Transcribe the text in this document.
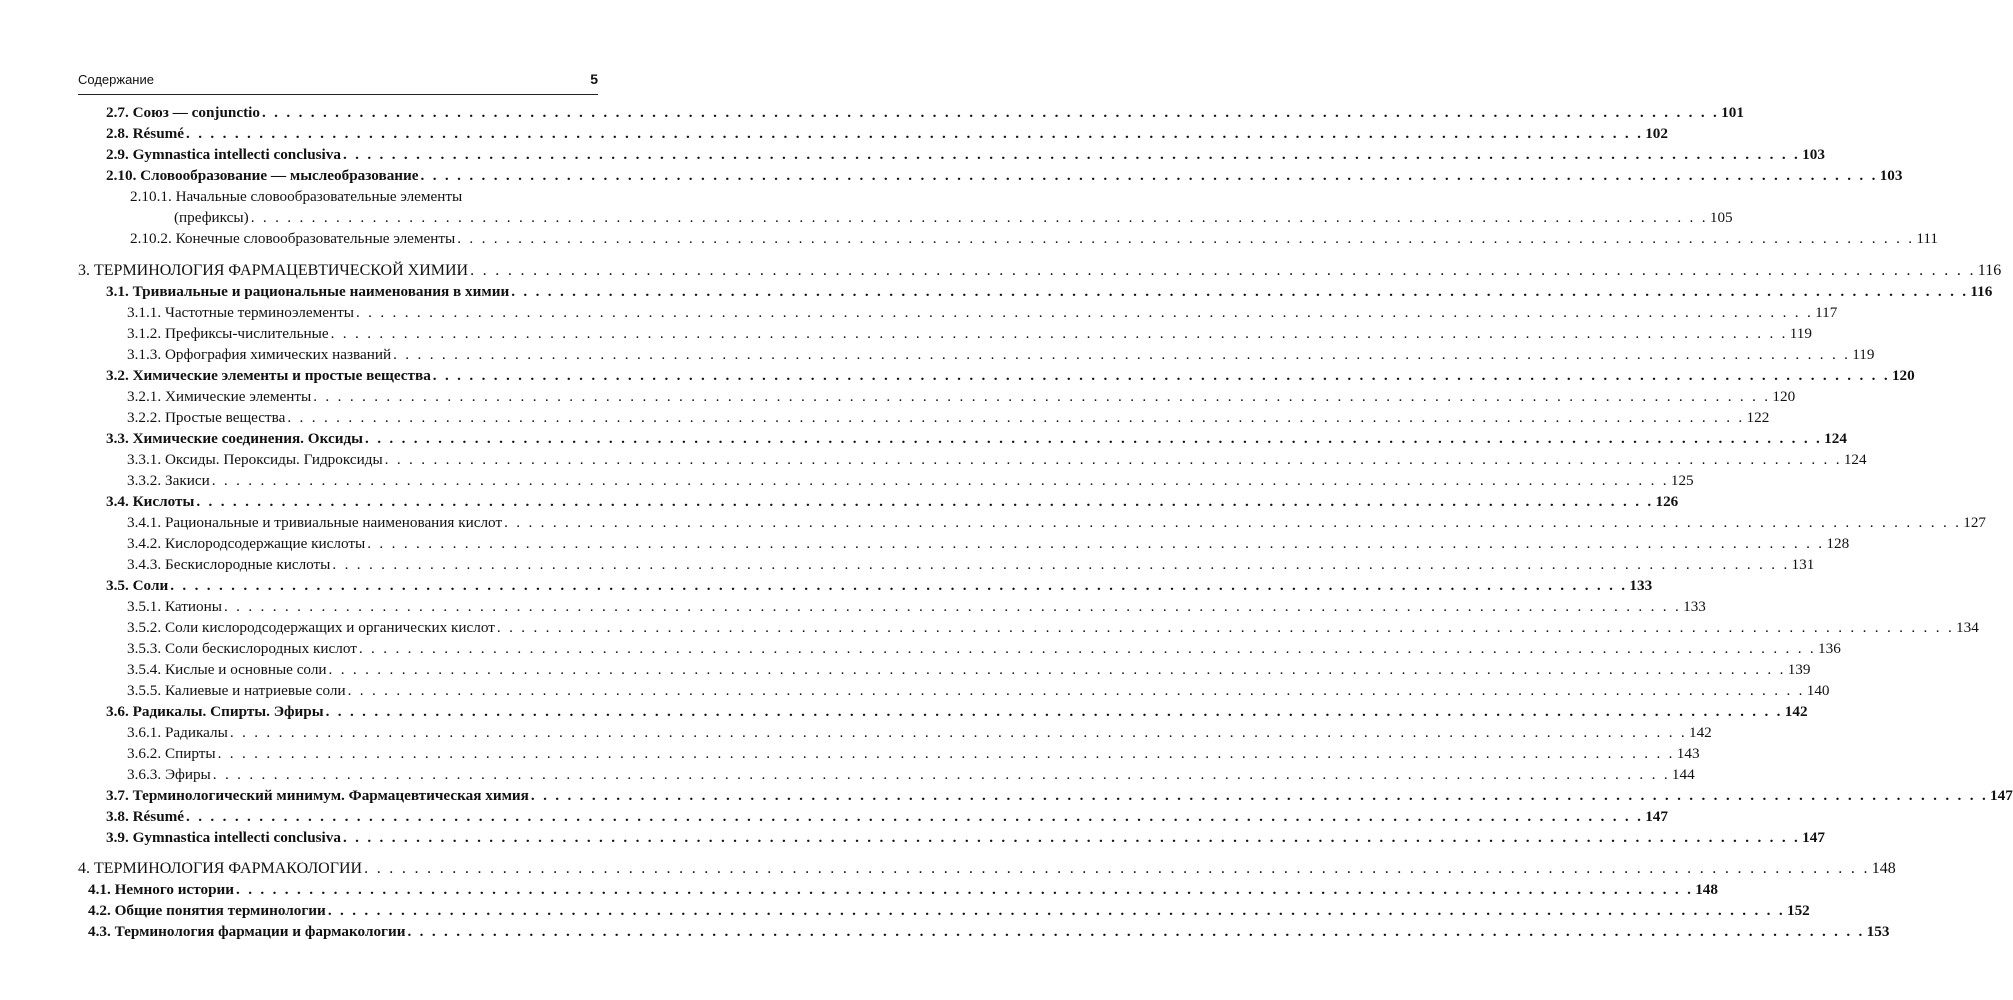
Содержание	5
2.7. Союз — conjunctio . . . . . . . . . . . . . . . . . . . . . . . . . . . . . . . . . . . . . . . . . . . . . . . . . . . . . . . . . . . . . . . . . . . . . . . . . . . . . . . . . . . . . . . . . . . . . . . . . . . . . . . . . . . . . . . . . . . . . . . . 101
2.8. Résumé . . . . . . . . . . . . . . . . . . . . . . . . . . . . . . . . . . . . . . . . . . . . . . . . . . . . . . . . . . . . . . . . . . . . . . . . . . . . . . . . . . . . . . . . . . . . . . . . . . . . . . . . . . . . . . . . . . . . . . . . 102
2.9. Gymnastica intellecti conclusiva . . . . . . . . . . . . . . . . . . . . . . . . . . . . . . . . . . . . . . . . . . . . . . . . . . . . . . . . . . . . . . . . . . . . . . . . . . . . . . . . . . . . . . . . . . . . . . . . . . . . . . . . . . . . . . . . . . . . . . . . 103
2.10. Словообразование — мыслеобразование . . . . . . . . . . . . . . . . . . . . . . . . . . . . . . . . . . . . . . . . . . . . . . . . . . . . . . . . . . . . . . . . . . . . . . . . . . . . . . . . . . . . . . . . . . . . . . . . . . . . . . . . . . . . . . . . . . . . . . . . 103
2.10.1. Начальные словообразовательные элементы
(префиксы) . . . . . . . . . . . . . . . . . . . . . . . . . . . . . . . . . . . . . . . . . . . . . . . . . . . . . . . . . . . . . . . . . . . . . . . . . . . . . . . . . . . . . . . . . . . . . . . . . . . . . . . . . . . . . . . . . . . . . . . . 105
2.10.2. Конечные словообразовательные элементы . . . . . . . . . . . . . . . . . . . . . . . . . . . . . . . . . . . . . . . . . . . . . . . . . . . . . . . . . . . . . . . . . . . . . . . . . . . . . . . . . . . . . . . . . . . . . . . . . . . . . . . . . . . . . . . . . . . . . . . . 111
3. ТЕРМИНОЛОГИЯ ФАРМАЦЕВТИЧЕСКОЙ ХИМИИ . . . . . . . . . . . . . . . . . . . . . . . . . . . . . . . . . . . . . . . . . . . . . . . . . . . . . . . . . . . . . . . . . . . . . . . . . . . . . . . . . . . . . . . . . . . . . . . . . . . . . . . . . . . . . . . . . . . . . . . . 116
3.1. Тривиальные и рациональные наименования в химии . . . . . . . . . . . . . . . . . . . . . . . . . . . . . . . . . . . . . . . . . . . . . . . . . . . . . . . . . . . . . . . . . . . . . . . . . . . . . . . . . . . . . . . . . . . . . . . . . . . . . . . . . . . . . . . . . . . . . . . . 116
3.1.1. Частотные терминоэлементы . . . . . . . . . . . . . . . . . . . . . . . . . . . . . . . . . . . . . . . . . . . . . . . . . . . . . . . . . . . . . . . . . . . . . . . . . . . . . . . . . . . . . . . . . . . . . . . . . . . . . . . . . . . . . . . . . . . . . . . . 117
3.1.2. Префиксы-числительные . . . . . . . . . . . . . . . . . . . . . . . . . . . . . . . . . . . . . . . . . . . . . . . . . . . . . . . . . . . . . . . . . . . . . . . . . . . . . . . . . . . . . . . . . . . . . . . . . . . . . . . . . . . . . . . . . . . . . . . . 119
3.1.3. Орфография химических названий . . . . . . . . . . . . . . . . . . . . . . . . . . . . . . . . . . . . . . . . . . . . . . . . . . . . . . . . . . . . . . . . . . . . . . . . . . . . . . . . . . . . . . . . . . . . . . . . . . . . . . . . . . . . . . . . . . . . . . . . 119
3.2. Химические элементы и простые вещества . . . . . . . . . . . . . . . . . . . . . . . . . . . . . . . . . . . . . . . . . . . . . . . . . . . . . . . . . . . . . . . . . . . . . . . . . . . . . . . . . . . . . . . . . . . . . . . . . . . . . . . . . . . . . . . . . . . . . . . . 120
3.2.1. Химические элементы . . . . . . . . . . . . . . . . . . . . . . . . . . . . . . . . . . . . . . . . . . . . . . . . . . . . . . . . . . . . . . . . . . . . . . . . . . . . . . . . . . . . . . . . . . . . . . . . . . . . . . . . . . . . . . . . . . . . . . . . 120
3.2.2. Простые вещества . . . . . . . . . . . . . . . . . . . . . . . . . . . . . . . . . . . . . . . . . . . . . . . . . . . . . . . . . . . . . . . . . . . . . . . . . . . . . . . . . . . . . . . . . . . . . . . . . . . . . . . . . . . . . . . . . . . . . . . . 122
3.3. Химические соединения. Оксиды . . . . . . . . . . . . . . . . . . . . . . . . . . . . . . . . . . . . . . . . . . . . . . . . . . . . . . . . . . . . . . . . . . . . . . . . . . . . . . . . . . . . . . . . . . . . . . . . . . . . . . . . . . . . . . . . . . . . . . . . 124
3.3.1. Оксиды. Пероксиды. Гидроксиды . . . . . . . . . . . . . . . . . . . . . . . . . . . . . . . . . . . . . . . . . . . . . . . . . . . . . . . . . . . . . . . . . . . . . . . . . . . . . . . . . . . . . . . . . . . . . . . . . . . . . . . . . . . . . . . . . . . . . . . . 124
3.3.2. Закиси . . . . . . . . . . . . . . . . . . . . . . . . . . . . . . . . . . . . . . . . . . . . . . . . . . . . . . . . . . . . . . . . . . . . . . . . . . . . . . . . . . . . . . . . . . . . . . . . . . . . . . . . . . . . . . . . . . . . . . . . 125
3.4. Кислоты . . . . . . . . . . . . . . . . . . . . . . . . . . . . . . . . . . . . . . . . . . . . . . . . . . . . . . . . . . . . . . . . . . . . . . . . . . . . . . . . . . . . . . . . . . . . . . . . . . . . . . . . . . . . . . . . . . . . . . . . 126
3.4.1. Рациональные и тривиальные наименования кислот . . . . . . . . . . . . . . . . . . . . . . . . . . . . . . . . . . . . . . . . . . . . . . . . . . . . . . . . . . . . . . . . . . . . . . . . . . . . . . . . . . . . . . . . . . . . . . . . . . . . . . . . . . . . . . . . . . . . . . . . 127
3.4.2. Кислородсодержащие кислоты . . . . . . . . . . . . . . . . . . . . . . . . . . . . . . . . . . . . . . . . . . . . . . . . . . . . . . . . . . . . . . . . . . . . . . . . . . . . . . . . . . . . . . . . . . . . . . . . . . . . . . . . . . . . . . . . . . . . . . . . 128
3.4.3. Бескислородные кислоты . . . . . . . . . . . . . . . . . . . . . . . . . . . . . . . . . . . . . . . . . . . . . . . . . . . . . . . . . . . . . . . . . . . . . . . . . . . . . . . . . . . . . . . . . . . . . . . . . . . . . . . . . . . . . . . . . . . . . . . . 131
3.5. Соли . . . . . . . . . . . . . . . . . . . . . . . . . . . . . . . . . . . . . . . . . . . . . . . . . . . . . . . . . . . . . . . . . . . . . . . . . . . . . . . . . . . . . . . . . . . . . . . . . . . . . . . . . . . . . . . . . . . . . . . . 133
3.5.1. Катионы . . . . . . . . . . . . . . . . . . . . . . . . . . . . . . . . . . . . . . . . . . . . . . . . . . . . . . . . . . . . . . . . . . . . . . . . . . . . . . . . . . . . . . . . . . . . . . . . . . . . . . . . . . . . . . . . . . . . . . . . 133
3.5.2. Соли кислородсодержащих и органических кислот . . . . . . . . . . . . . . . . . . . . . . . . . . . . . . . . . . . . . . . . . . . . . . . . . . . . . . . . . . . . . . . . . . . . . . . . . . . . . . . . . . . . . . . . . . . . . . . . . . . . . . . . . . . . . . . . . . . . . . . . 134
3.5.3. Соли бескислородных кислот . . . . . . . . . . . . . . . . . . . . . . . . . . . . . . . . . . . . . . . . . . . . . . . . . . . . . . . . . . . . . . . . . . . . . . . . . . . . . . . . . . . . . . . . . . . . . . . . . . . . . . . . . . . . . . . . . . . . . . . . 136
3.5.4. Кислые и основные соли . . . . . . . . . . . . . . . . . . . . . . . . . . . . . . . . . . . . . . . . . . . . . . . . . . . . . . . . . . . . . . . . . . . . . . . . . . . . . . . . . . . . . . . . . . . . . . . . . . . . . . . . . . . . . . . . . . . . . . . . 139
3.5.5. Калиевые и натриевые соли . . . . . . . . . . . . . . . . . . . . . . . . . . . . . . . . . . . . . . . . . . . . . . . . . . . . . . . . . . . . . . . . . . . . . . . . . . . . . . . . . . . . . . . . . . . . . . . . . . . . . . . . . . . . . . . . . . . . . . . . 140
3.6. Радикалы. Спирты. Эфиры . . . . . . . . . . . . . . . . . . . . . . . . . . . . . . . . . . . . . . . . . . . . . . . . . . . . . . . . . . . . . . . . . . . . . . . . . . . . . . . . . . . . . . . . . . . . . . . . . . . . . . . . . . . . . . . . . . . . . . . . 142
3.6.1. Радикалы . . . . . . . . . . . . . . . . . . . . . . . . . . . . . . . . . . . . . . . . . . . . . . . . . . . . . . . . . . . . . . . . . . . . . . . . . . . . . . . . . . . . . . . . . . . . . . . . . . . . . . . . . . . . . . . . . . . . . . . . 142
3.6.2. Спирты . . . . . . . . . . . . . . . . . . . . . . . . . . . . . . . . . . . . . . . . . . . . . . . . . . . . . . . . . . . . . . . . . . . . . . . . . . . . . . . . . . . . . . . . . . . . . . . . . . . . . . . . . . . . . . . . . . . . . . . . 143
3.6.3. Эфиры . . . . . . . . . . . . . . . . . . . . . . . . . . . . . . . . . . . . . . . . . . . . . . . . . . . . . . . . . . . . . . . . . . . . . . . . . . . . . . . . . . . . . . . . . . . . . . . . . . . . . . . . . . . . . . . . . . . . . . . . 144
3.7. Терминологический минимум. Фармацевтическая химия . . . . . . . . . . . . . . . . . . . . . . . . . . . . . . . . . . . . . . . . . . . . . . . . . . . . . . . . . . . . . . . . . . . . . . . . . . . . . . . . . . . . . . . . . . . . . . . . . . . . . . . . . . . . . . . . . . . . . . . . 147
3.8. Résumé . . . . . . . . . . . . . . . . . . . . . . . . . . . . . . . . . . . . . . . . . . . . . . . . . . . . . . . . . . . . . . . . . . . . . . . . . . . . . . . . . . . . . . . . . . . . . . . . . . . . . . . . . . . . . . . . . . . . . . . . 147
3.9. Gymnastica intellecti conclusiva . . . . . . . . . . . . . . . . . . . . . . . . . . . . . . . . . . . . . . . . . . . . . . . . . . . . . . . . . . . . . . . . . . . . . . . . . . . . . . . . . . . . . . . . . . . . . . . . . . . . . . . . . . . . . . . . . . . . . . . . 147
4. ТЕРМИНОЛОГИЯ ФАРМАКОЛОГИИ . . . . . . . . . . . . . . . . . . . . . . . . . . . . . . . . . . . . . . . . . . . . . . . . . . . . . . . . . . . . . . . . . . . . . . . . . . . . . . . . . . . . . . . . . . . . . . . . . . . . . . . . . . . . . . . . . . . . . . . . 148
4.1. Немного истории . . . . . . . . . . . . . . . . . . . . . . . . . . . . . . . . . . . . . . . . . . . . . . . . . . . . . . . . . . . . . . . . . . . . . . . . . . . . . . . . . . . . . . . . . . . . . . . . . . . . . . . . . . . . . . . . . . . . . . . . 148
4.2. Общие понятия терминологии . . . . . . . . . . . . . . . . . . . . . . . . . . . . . . . . . . . . . . . . . . . . . . . . . . . . . . . . . . . . . . . . . . . . . . . . . . . . . . . . . . . . . . . . . . . . . . . . . . . . . . . . . . . . . . . . . . . . . . . . 152
4.3. Терминология фармации и фармакологии . . . . . . . . . . . . . . . . . . . . . . . . . . . . . . . . . . . . . . . . . . . . . . . . . . . . . . . . . . . . . . . . . . . . . . . . . . . . . . . . . . . . . . . . . . . . . . . . . . . . . . . . . . . . . . . . . . . . . . . . 153
